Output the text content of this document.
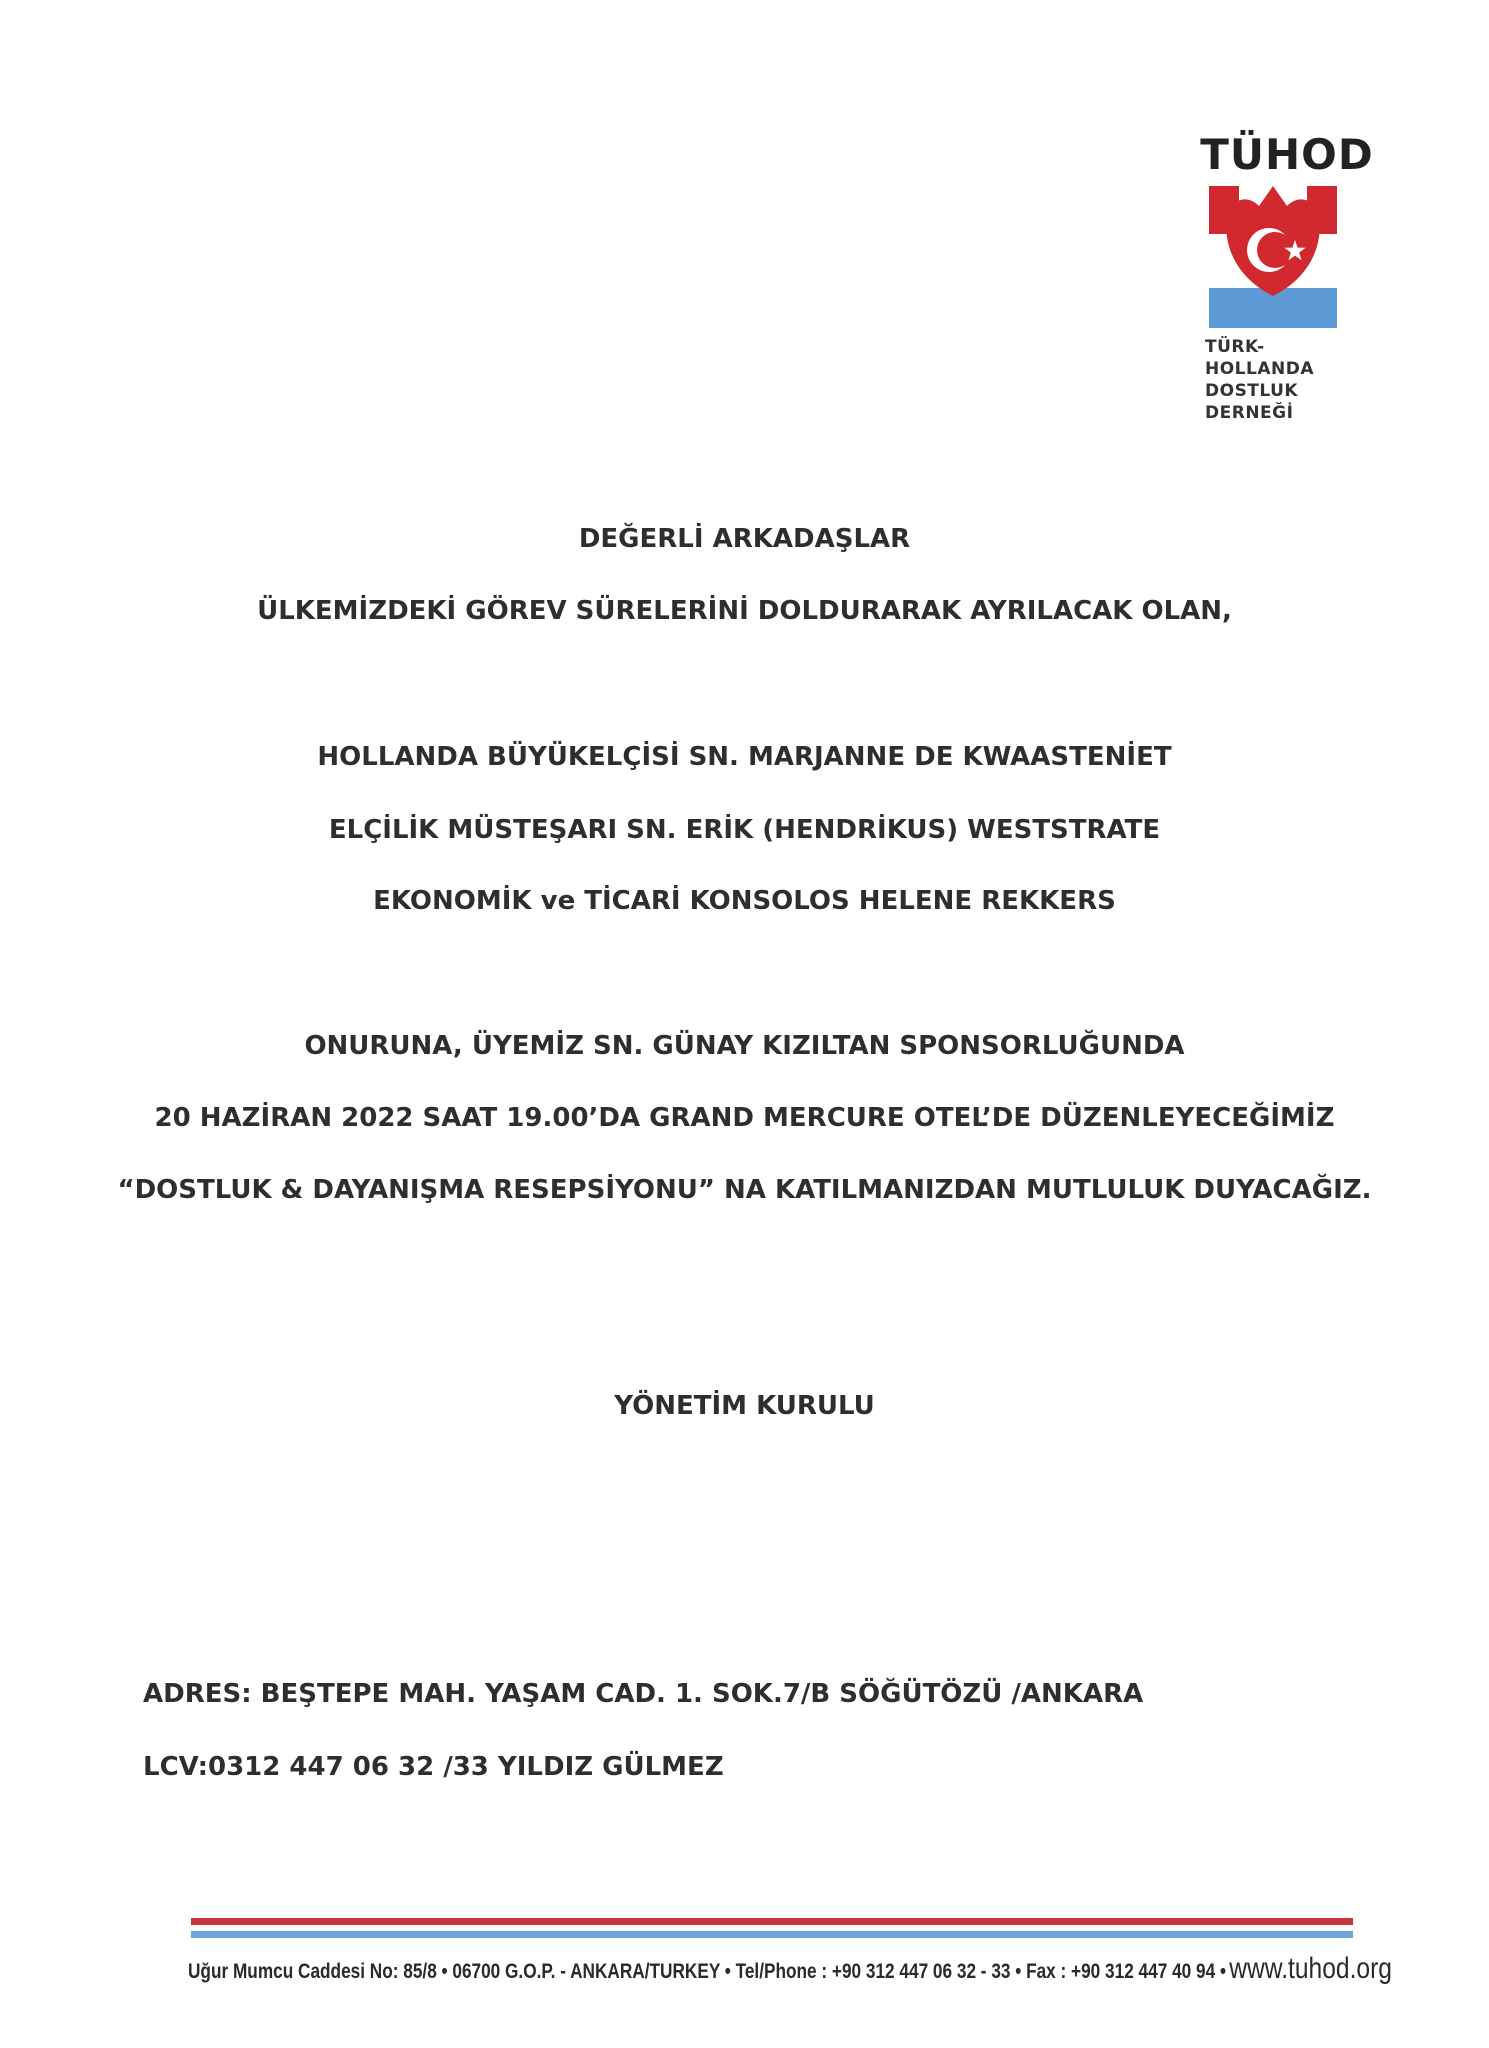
TÜHOD
TÜRK-HOLLANDA
DOSTLUK DERNEĞİ
DEĞERLİ ARKADAŞLAR
ÜLKEMİZDEKİ GÖREV SÜRELERİNİ DOLDURARAK AYRILACAK OLAN,
HOLLANDA BÜYÜKELÇİSİ SN. MARJANNE DE KWAASTENİET
ELÇİLİK MÜSTEŞARI SN. ERİK (HENDRİKUS) WESTSTRATE
EKONOMİK ve TİCARİ KONSOLOS HELENE REKKERS
ONURUNA, ÜYEMİZ SN. GÜNAY KIZILTAN SPONSORLUĞUNDA
20 HAZİRAN 2022 SAAT 19.00’DA GRAND MERCURE OTEL’DE DÜZENLEYECEĞİMİZ
“DOSTLUK & DAYANIŞMA RESEPSİYONU” NA KATILMANIZDAN MUTLULUK DUYACAĞIZ.
YÖNETİM KURULU
ADRES: BEŞTEPE MAH. YAŞAM CAD. 1. SOK.7/B SÖĞÜTÖZÜ /ANKARA
LCV:0312 447 06 32 /33 YILDIZ GÜLMEZ
Uğur Mumcu Caddesi No: 85/8 • 06700 G.O.P. - ANKARA/TURKEY • Tel/Phone : +90 312 447 06 32 - 33 • Fax : +90 312 447 40 94 • www.tuhod.org
